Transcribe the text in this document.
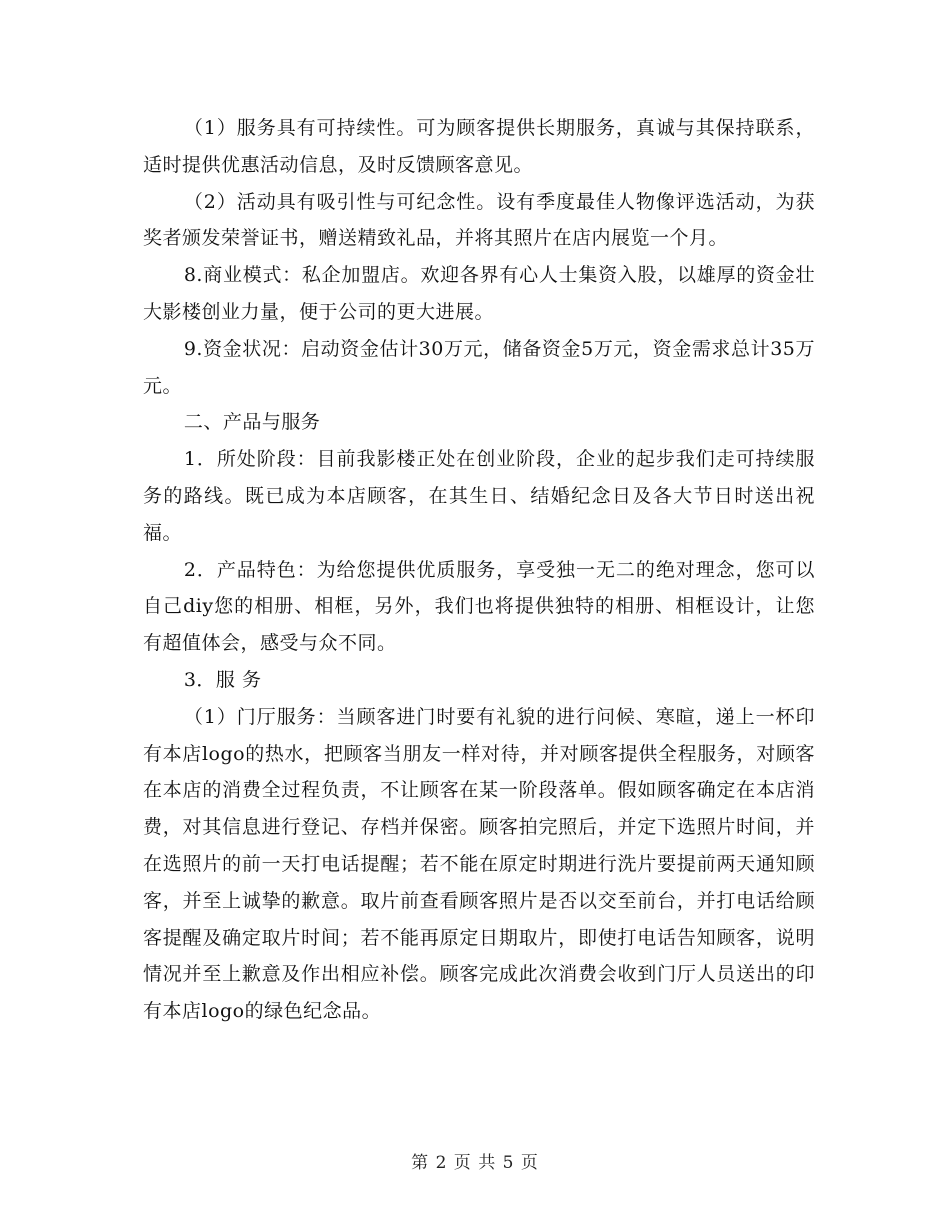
（1）服务具有可持续性。可为顾客提供长期服务，真诚与其保持联系，适时提供优惠活动信息，及时反馈顾客意见。

（2）活动具有吸引性与可纪念性。设有季度最佳人物像评选活动，为获奖者颁发荣誉证书，赠送精致礼品，并将其照片在店内展览一个月。

8.商业模式：私企加盟店。欢迎各界有心人士集资入股，以雄厚的资金壮大影楼创业力量，便于公司的更大进展。

9.资金状况：启动资金估计30万元，储备资金5万元，资金需求总计35万元。

二、产品与服务

1．所处阶段：目前我影楼正处在创业阶段，企业的起步我们走可持续服务的路线。既已成为本店顾客，在其生日、结婚纪念日及各大节日时送出祝福。

2．产品特色：为给您提供优质服务，享受独一无二的绝对理念，您可以自己diy您的相册、相框，另外，我们也将提供独特的相册、相框设计，让您有超值体会，感受与众不同。

3．服 务

（1）门厅服务：当顾客进门时要有礼貌的进行问候、寒暄，递上一杯印有本店logo的热水，把顾客当朋友一样对待，并对顾客提供全程服务，对顾客在本店的消费全过程负责，不让顾客在某一阶段落单。假如顾客确定在本店消费，对其信息进行登记、存档并保密。顾客拍完照后，并定下选照片时间，并在选照片的前一天打电话提醒；若不能在原定时期进行洗片要提前两天通知顾客，并至上诚挚的歉意。取片前查看顾客照片是否以交至前台，并打电话给顾客提醒及确定取片时间；若不能再原定日期取片，即使打电话告知顾客，说明情况并至上歉意及作出相应补偿。顾客完成此次消费会收到门厅人员送出的印有本店logo的绿色纪念品。

第 2 页 共 5 页
